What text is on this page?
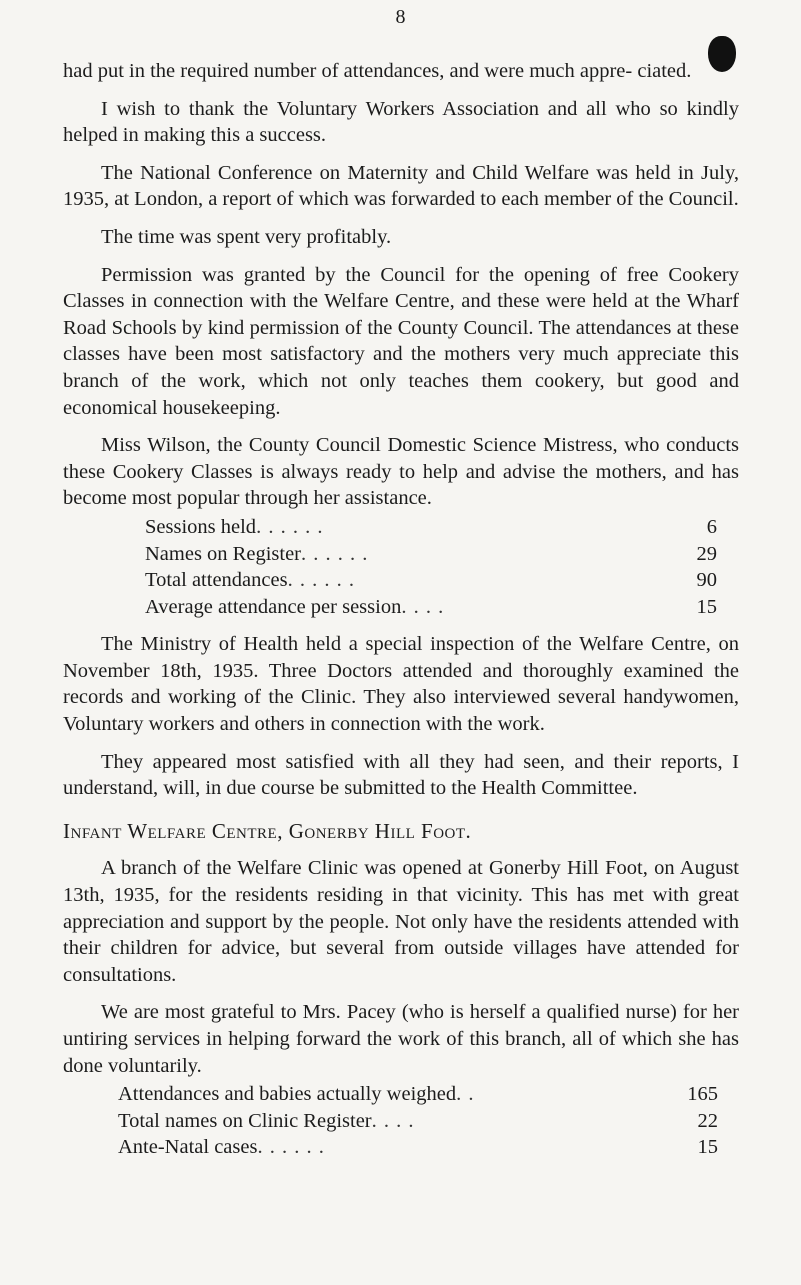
8

had put in the required number of attendances, and were much appre- ciated.

I wish to thank the Voluntary Workers Association and all who so kindly helped in making this a success.

The National Conference on Maternity and Child Welfare was held in July, 1935, at London, a report of which was forwarded to each member of the Council.

The time was spent very profitably.

Permission was granted by the Council for the opening of free Cookery Classes in connection with the Welfare Centre, and these were held at the Wharf Road Schools by kind permission of the County Council. The attendances at these classes have been most satisfactory and the mothers very much appreciate this branch of the work, which not only teaches them cookery, but good and economical housekeeping.

Miss Wilson, the County Council Domestic Science Mistress, who conducts these Cookery Classes is always ready to help and advise the mothers, and has become most popular through her assistance.

Sessions held . . . . . .	6
Names on Register . . . . . .	29
Total attendances . . . . . .	90
Average attendance per session . . . .	15

The Ministry of Health held a special inspection of the Welfare Centre, on November 18th, 1935. Three Doctors attended and thoroughly examined the records and working of the Clinic. They also interviewed several handywomen, Voluntary workers and others in connection with the work.

They appeared most satisfied with all they had seen, and their reports, I understand, will, in due course be submitted to the Health Committee.

Infant Welfare Centre, Gonerby Hill Foot.

A branch of the Welfare Clinic was opened at Gonerby Hill Foot, on August 13th, 1935, for the residents residing in that vicinity. This has met with great appreciation and support by the people. Not only have the residents attended with their children for advice, but several from outside villages have attended for consultations.

We are most grateful to Mrs. Pacey (who is herself a qualified nurse) for her untiring services in helping forward the work of this branch, all of which she has done voluntarily.

Attendances and babies actually weighed . .	165
Total names on Clinic Register . . . .	22
Ante-Natal cases . . . . . .	15
